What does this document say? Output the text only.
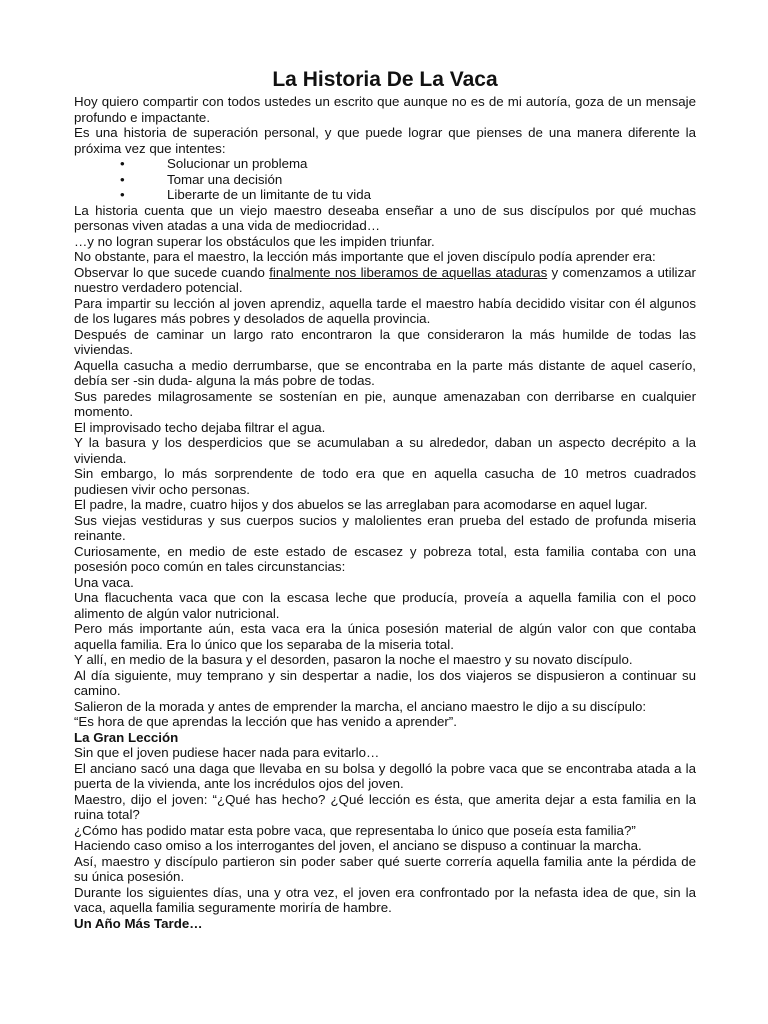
La Historia De La Vaca

Hoy quiero compartir con todos ustedes un escrito que aunque no es de mi autoría, goza de un mensaje profundo e impactante.

Es una historia de superación personal, y que puede lograr que pienses de una manera diferente la próxima vez que intentes:

•	Solucionar un problema
•	Tomar una decisión
•	Liberarte de un limitante de tu vida

La historia cuenta que un viejo maestro deseaba enseñar a uno de sus discípulos por qué muchas personas viven atadas a una vida de mediocridad…

…y no logran superar los obstáculos que les impiden triunfar.

No obstante, para el maestro, la lección más importante que el joven discípulo podía aprender era:

Observar lo que sucede cuando finalmente nos liberamos de aquellas ataduras y comenzamos a utilizar nuestro verdadero potencial.

Para impartir su lección al joven aprendiz, aquella tarde el maestro había decidido visitar con él algunos de los lugares más pobres y desolados de aquella provincia.

Después de caminar un largo rato encontraron la que consideraron la más humilde de todas las viviendas.

Aquella casucha a medio derrumbarse, que se encontraba en la parte más distante de aquel caserío, debía ser -sin duda- alguna la más pobre de todas.

Sus paredes milagrosamente se sostenían en pie, aunque amenazaban con derribarse en cualquier momento.

El improvisado techo dejaba filtrar el agua.

Y la basura y los desperdicios que se acumulaban a su alrededor, daban un aspecto decrépito a la vivienda.

Sin embargo, lo más sorprendente de todo era que en aquella casucha de 10 metros cuadrados pudiesen vivir ocho personas.

El padre, la madre, cuatro hijos y dos abuelos se las arreglaban para acomodarse en aquel lugar.

Sus viejas vestiduras y sus cuerpos sucios y malolientes eran prueba del estado de profunda miseria reinante.

Curiosamente, en medio de este estado de escasez y pobreza total, esta familia contaba con una posesión poco común en tales circunstancias:

Una vaca.

Una flacuchenta vaca que con la escasa leche que producía, proveía a aquella familia con el poco alimento de algún valor nutricional.

Pero más importante aún, esta vaca era la única posesión material de algún valor con que contaba aquella familia. Era lo único que los separaba de la miseria total.

Y allí, en medio de la basura y el desorden, pasaron la noche el maestro y su novato discípulo.

Al día siguiente, muy temprano y sin despertar a nadie, los dos viajeros se dispusieron a continuar su camino.

Salieron de la morada y antes de emprender la marcha, el anciano maestro le dijo a su discípulo:

“Es hora de que aprendas la lección que has venido a aprender”.

La Gran Lección

Sin que el joven pudiese hacer nada para evitarlo…

El anciano sacó una daga que llevaba en su bolsa y degolló la pobre vaca que se encontraba atada a la puerta de la vivienda, ante los incrédulos ojos del joven.

Maestro, dijo el joven: “¿Qué has hecho? ¿Qué lección es ésta, que amerita dejar a esta familia en la ruina total?

¿Cómo has podido matar esta pobre vaca, que representaba lo único que poseía esta familia?”

Haciendo caso omiso a los interrogantes del joven, el anciano se dispuso a continuar la marcha.

Así, maestro y discípulo partieron sin poder saber qué suerte correría aquella familia ante la pérdida de su única posesión.

Durante los siguientes días, una y otra vez, el joven era confrontado por la nefasta idea de que, sin la vaca, aquella familia seguramente moriría de hambre.

Un Año Más Tarde…
